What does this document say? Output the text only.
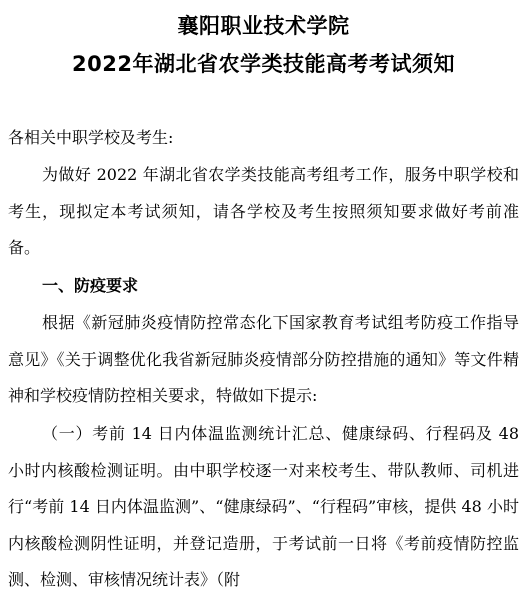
襄阳职业技术学院
2022年湖北省农学类技能高考考试须知

各相关中职学校及考生:

为做好 2022 年湖北省农学类技能高考组考工作，服务中职学校和考生，现拟定本考试须知，请各学校及考生按照须知要求做好考前准备。

一、防疫要求

根据《新冠肺炎疫情防控常态化下国家教育考试组考防疫工作指导意见》《关于调整优化我省新冠肺炎疫情部分防控措施的通知》等文件精神和学校疫情防控相关要求，特做如下提示:

（一）考前 14 日内体温监测统计汇总、健康绿码、行程码及 48 小时内核酸检测证明。由中职学校逐一对来校考生、带队教师、司机进行“考前 14 日内体温监测”、“健康绿码”、“行程码”审核，提供 48 小时内核酸检测阴性证明，并登记造册，于考试前一日将《考前疫情防控监测、检测、审核情况统计表》（附
